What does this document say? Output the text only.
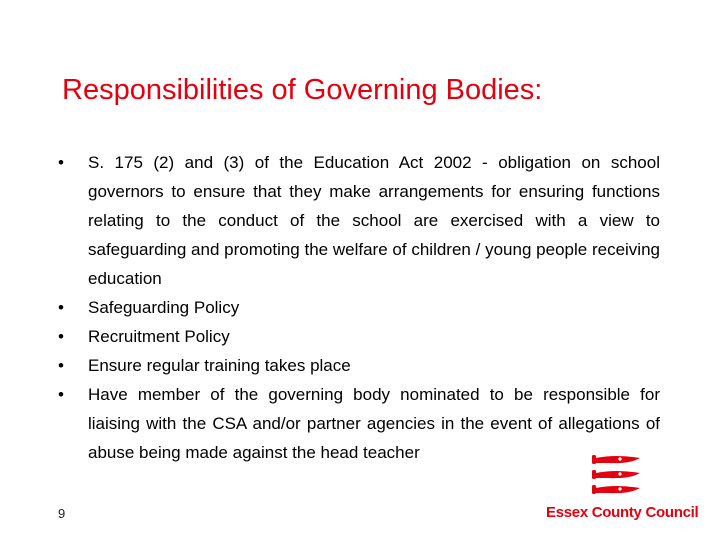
Responsibilities of Governing Bodies:
• S. 175 (2) and (3) of the Education Act 2002 - obligation on school governors to ensure that they make arrangements for ensuring functions relating to the conduct of the school are exercised with a view to safeguarding and promoting the welfare of children / young people receiving education
• Safeguarding Policy
• Recruitment Policy
• Ensure regular training takes place
• Have member of the governing body nominated to be responsible for liaising with the CSA and/or partner agencies in the event of allegations of abuse being made against the head teacher
9	Essex County Council
